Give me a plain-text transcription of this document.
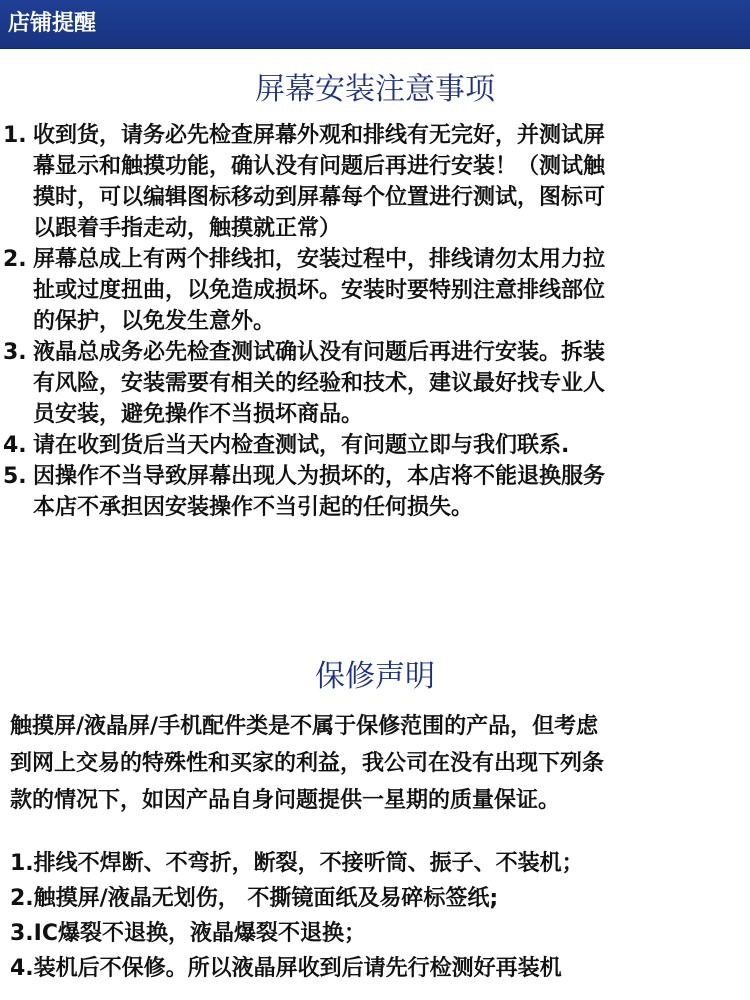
店铺提醒
屏幕安装注意事项
1. 收到货，请务必先检查屏幕外观和排线有无完好，并测试屏
幕显示和触摸功能，确认没有问题后再进行安装！（测试触
摸时，可以编辑图标移动到屏幕每个位置进行测试，图标可
以跟着手指走动，触摸就正常）
2. 屏幕总成上有两个排线扣，安装过程中，排线请勿太用力拉
扯或过度扭曲，以免造成损坏。安装时要特别注意排线部位
的保护，以免发生意外。
3. 液晶总成务必先检查测试确认没有问题后再进行安装。拆装
有风险，安装需要有相关的经验和技术，建议最好找专业人
员安装，避免操作不当损坏商品。
4. 请在收到货后当天内检查测试，有问题立即与我们联系.
5. 因操作不当导致屏幕出现人为损坏的，本店将不能退换服务
本店不承担因安装操作不当引起的任何损失。
保修声明
触摸屏/液晶屏/手机配件类是不属于保修范围的产品，但考虑
到网上交易的特殊性和买家的利益，我公司在没有出现下列条
款的情况下，如因产品自身问题提供一星期的质量保证。
1.排线不焊断、不弯折，断裂，不接听筒、振子、不装机；
2.触摸屏/液晶无划伤， 不撕镜面纸及易碎标签纸;
3.IC爆裂不退换，液晶爆裂不退换；
4.装机后不保修。所以液晶屏收到后请先行检测好再装机
